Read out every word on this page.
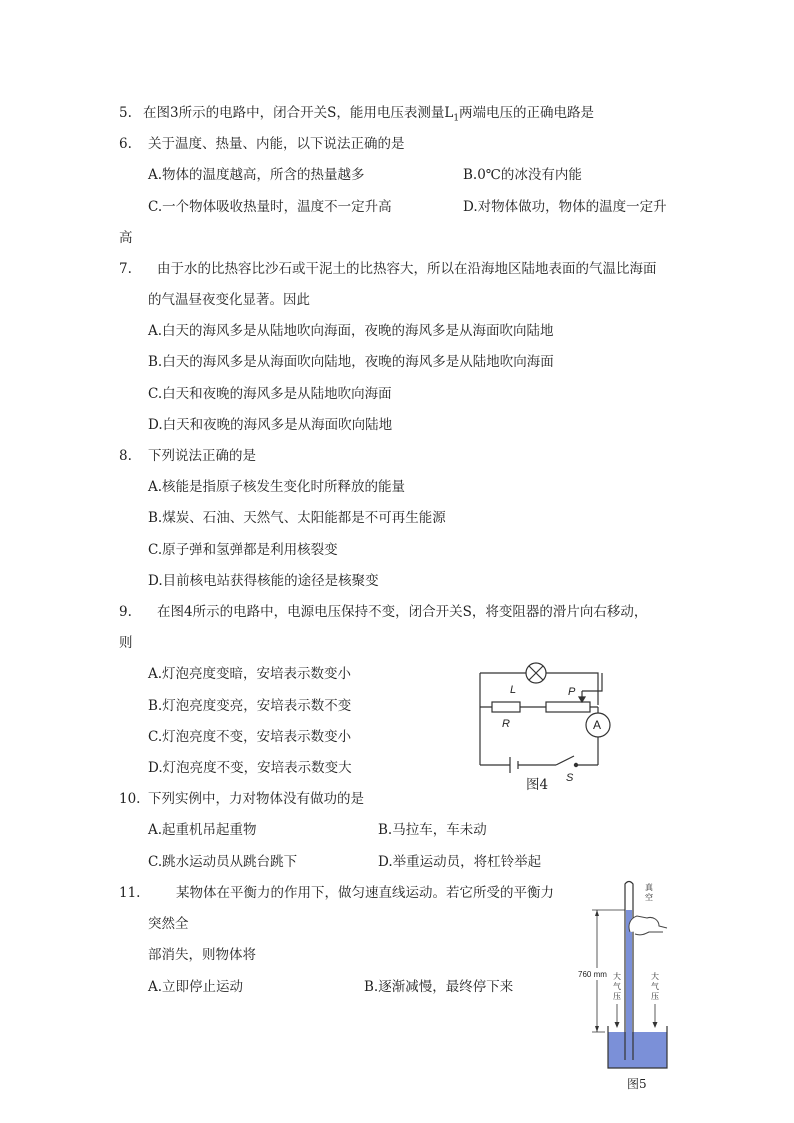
5. 在图3所示的电路中，闭合开关S，能用电压表测量$L_1$两端电压的正确电路是
6. 关于温度、热量、内能，以下说法正确的是
A.物体的温度越高，所含的热量越多	B.0℃的冰没有内能
C.一个物体吸收热量时，温度不一定升高	D.对物体做功，物体的温度一定升
高
7. 由于水的比热容比沙石或干泥土的比热容大，所以在沿海地区陆地表面的气温比海面
的气温昼夜变化显著。因此
A.白天的海风多是从陆地吹向海面，夜晚的海风多是从海面吹向陆地
B.白天的海风多是从海面吹向陆地，夜晚的海风多是从陆地吹向海面
C.白天和夜晚的海风多是从陆地吹向海面
D.白天和夜晚的海风多是从海面吹向陆地
8. 下列说法正确的是
A.核能是指原子核发生变化时所释放的能量
B.煤炭、石油、天然气、太阳能都是不可再生能源
C.原子弹和氢弹都是利用核裂变
D.目前核电站获得核能的途径是核聚变
9. 在图4所示的电路中，电源电压保持不变，闭合开关S，将变阻器的滑片向右移动，
则
A.灯泡亮度变暗，安培表示数变小
B.灯泡亮度变亮，安培表示数不变
C.灯泡亮度不变，安培表示数变小
D.灯泡亮度不变，安培表示数变大
L	P
R	A
S
图4
10. 下列实例中，力对物体没有做功的是
A.起重机吊起重物	B.马拉车，车未动
C.跳水运动员从跳台跳下	D.举重运动员，将杠铃举起
11.	某物体在平衡力的作用下，做匀速直线运动。若它所受的平衡力
突然全
部消失，则物体将
A.立即停止运动	B.逐渐减慢，最终停下来
760 mm
真
空
大
气
压
大
气
压
图5
